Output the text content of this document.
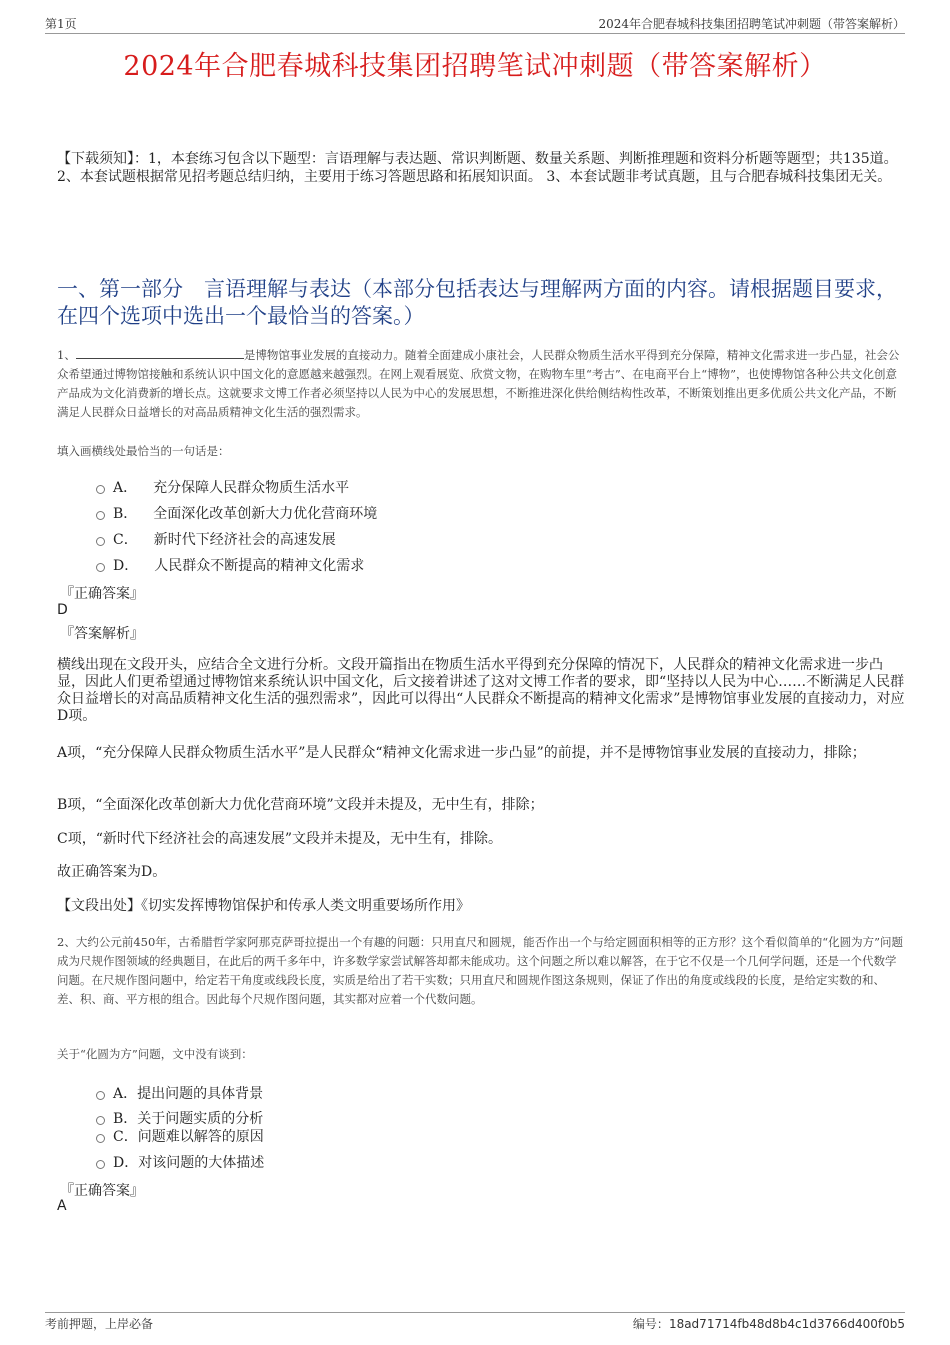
第1页	2024年合肥春城科技集团招聘笔试冲刺题（带答案解析）
2024年合肥春城科技集团招聘笔试冲刺题（带答案解析）
【下载须知】：1，本套练习包含以下题型：言语理解与表达题、常识判断题、数量关系题、判断推理题和资料分析题等题型；共135道。 2、本套试题根据常见招考题总结归纳，主要用于练习答题思路和拓展知识面。 3、本套试题非考试真题，且与合肥春城科技集团无关。
一、第一部分　言语理解与表达（本部分包括表达与理解两方面的内容。请根据题目要求，在四个选项中选出一个最恰当的答案。）
1、	是博物馆事业发展的直接动力。随着全面建成小康社会，人民群众物质生活水平得到充分保障，精神文化需求进一步凸显，社会公众希望通过博物馆接触和系统认识中国文化的意愿越来越强烈。在网上观看展览、欣赏文物，在购物车里“考古”、在电商平台上“博物”，也使博物馆各种公共文化创意产品成为文化消费新的增长点。这就要求文博工作者必须坚持以人民为中心的发展思想，不断推进深化供给侧结构性改革，不断策划推出更多优质公共文化产品，不断满足人民群众日益增长的对高品质精神文化生活的强烈需求。
填入画横线处最恰当的一句话是：
A． 充分保障人民群众物质生活水平
B． 全面深化改革创新大力优化营商环境
C． 新时代下经济社会的高速发展
D． 人民群众不断提高的精神文化需求
『正确答案』
D
『答案解析』
横线出现在文段开头，应结合全文进行分析。文段开篇指出在物质生活水平得到充分保障的情况下，人民群众的精神文化需求进一步凸显，因此人们更希望通过博物馆来系统认识中国文化，后文接着讲述了这对文博工作者的要求，即“坚持以人民为中心……不断满足人民群众日益增长的对高品质精神文化生活的强烈需求”，因此可以得出“人民群众不断提高的精神文化需求”是博物馆事业发展的直接动力，对应D项。
A项，“充分保障人民群众物质生活水平”是人民群众“精神文化需求进一步凸显”的前提，并不是博物馆事业发展的直接动力，排除；
B项，“全面深化改革创新大力优化营商环境”文段并未提及，无中生有，排除；
C项，“新时代下经济社会的高速发展”文段并未提及，无中生有，排除。
故正确答案为D。
【文段出处】《切实发挥博物馆保护和传承人类文明重要场所作用》
2、大约公元前450年，古希腊哲学家阿那克萨哥拉提出一个有趣的问题：只用直尺和圆规，能否作出一个与给定圆面积相等的正方形？这个看似简单的“化圆为方”问题成为尺规作图领域的经典题目，在此后的两千多年中，许多数学家尝试解答却都未能成功。这个问题之所以难以解答，在于它不仅是一个几何学问题，还是一个代数学问题。在尺规作图问题中，给定若干角度或线段长度，实质是给出了若干实数；只用直尺和圆规作图这条规则，保证了作出的角度或线段的长度，是给定实数的和、差、积、商、平方根的组合。因此每个尺规作图问题，其实都对应着一个代数问题。
关于“化圆为方”问题，文中没有谈到：
A． 提出问题的具体背景
B． 关于问题实质的分析
C． 问题难以解答的原因
D． 对该问题的大体描述
『正确答案』
A
考前押题，上岸必备	编号：18ad71714fb48d8b4c1d3766d400f0b5
